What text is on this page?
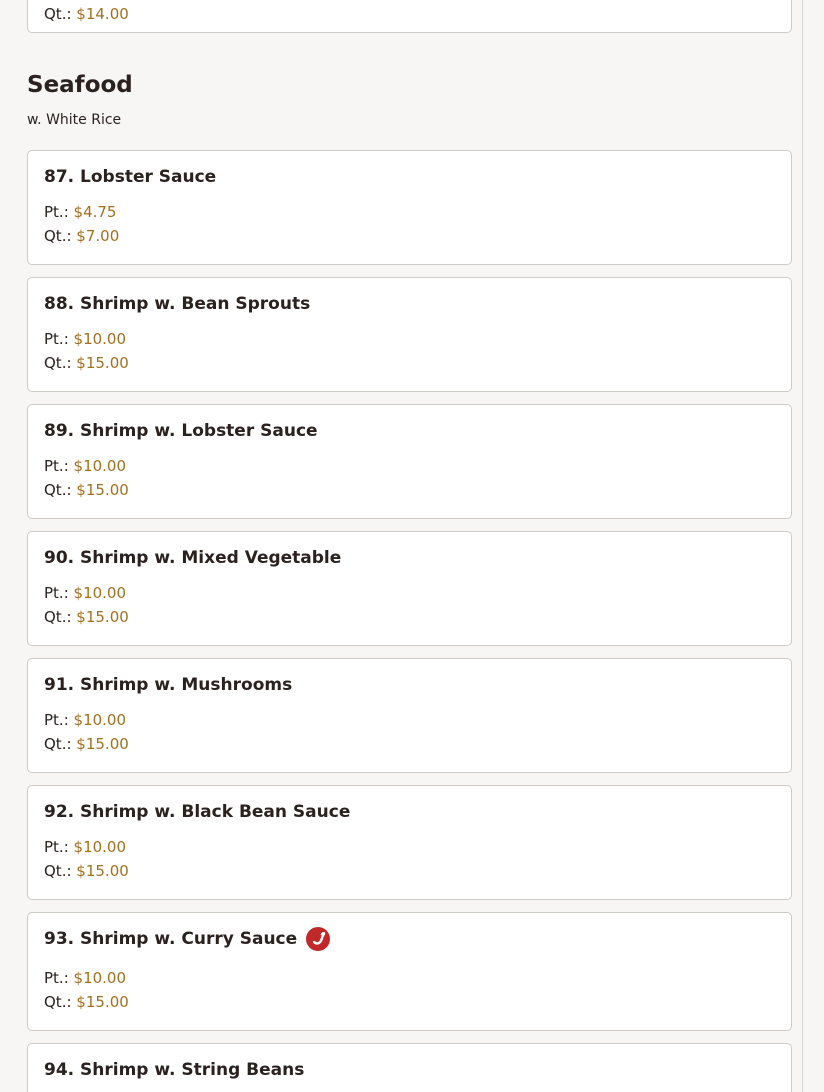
Qt.: $14.00
Seafood
w. White Rice
87. Lobster Sauce
Pt.: $4.75
Qt.: $7.00
88. Shrimp w. Bean Sprouts
Pt.: $10.00
Qt.: $15.00
89. Shrimp w. Lobster Sauce
Pt.: $10.00
Qt.: $15.00
90. Shrimp w. Mixed Vegetable
Pt.: $10.00
Qt.: $15.00
91. Shrimp w. Mushrooms
Pt.: $10.00
Qt.: $15.00
92. Shrimp w. Black Bean Sauce
Pt.: $10.00
Qt.: $15.00
93. Shrimp w. Curry Sauce
Pt.: $10.00
Qt.: $15.00
94. Shrimp w. String Beans
